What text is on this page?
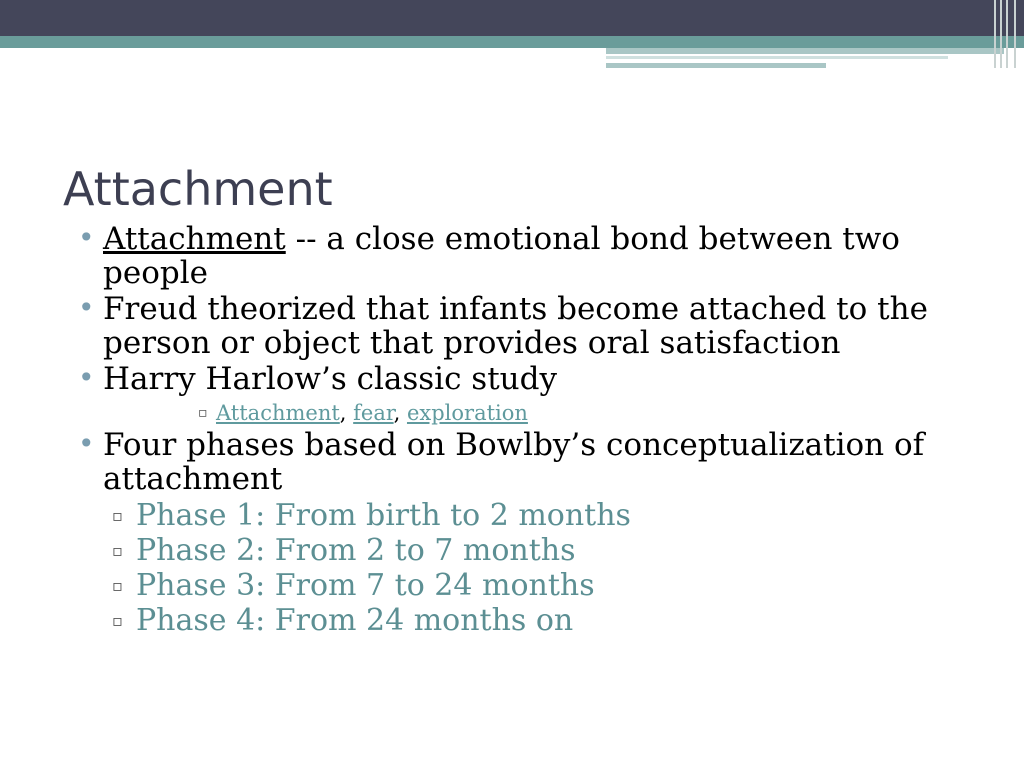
Attachment
• Attachment -- a close emotional bond between two people
• Freud theorized that infants become attached to the person or object that provides oral satisfaction
• Harry Harlow’s classic study
▫ Attachment, fear, exploration
• Four phases based on Bowlby’s conceptualization of attachment
▫ Phase 1: From birth to 2 months
▫ Phase 2: From 2 to 7 months
▫ Phase 3: From 7 to 24 months
▫ Phase 4: From 24 months on
